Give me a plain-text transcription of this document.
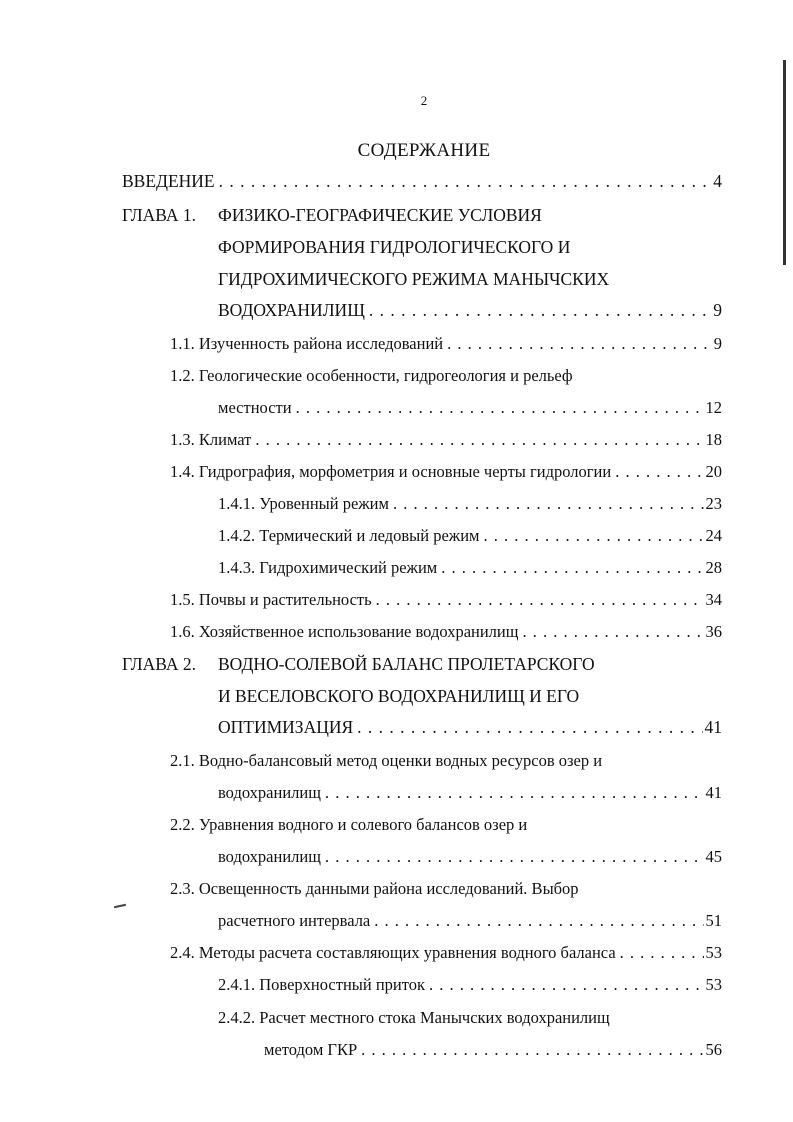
2
СОДЕРЖАНИЕ
ВВЕДЕНИЕ . . .	4
ГЛАВА 1. ФИЗИКО-ГЕОГРАФИЧЕСКИЕ УСЛОВИЯ
ФОРМИРОВАНИЯ ГИДРОЛОГИЧЕСКОГО И
ГИДРОХИМИЧЕСКОГО РЕЖИМА МАНЫЧСКИХ
ВОДОХРАНИЛИЩ . . .	9
1.1. Изученность района исследований . . .	9
1.2. Геологические особенности, гидрогеология и рельеф
местности . . .	12
1.3. Климат . . .	18
1.4. Гидрография, морфометрия и основные черты гидрологии . . .	20
1.4.1. Уровенный режим . . .	23
1.4.2. Термический и ледовый режим . . .	24
1.4.3. Гидрохимический режим . . .	28
1.5. Почвы и растительность . . .	34
1.6. Хозяйственное использование водохранилищ . . .	36
ГЛАВА 2. ВОДНО-СОЛЕВОЙ БАЛАНС ПРОЛЕТАРСКОГО
И ВЕСЕЛОВСКОГО ВОДОХРАНИЛИЩ И ЕГО
ОПТИМИЗАЦИЯ . . .	41
2.1. Водно-балансовый метод оценки водных ресурсов озер и
водохранилищ . . .	41
2.2. Уравнения водного и солевого балансов озер и
водохранилищ . . .	45
2.3. Освещенность данными района исследований. Выбор
расчетного интервала . . .	51
2.4. Методы расчета составляющих уравнения водного баланса . . .	53
2.4.1. Поверхностный приток . . .	53
2.4.2. Расчет местного стока Манычских водохранилищ
методом ГКР . . .	56
